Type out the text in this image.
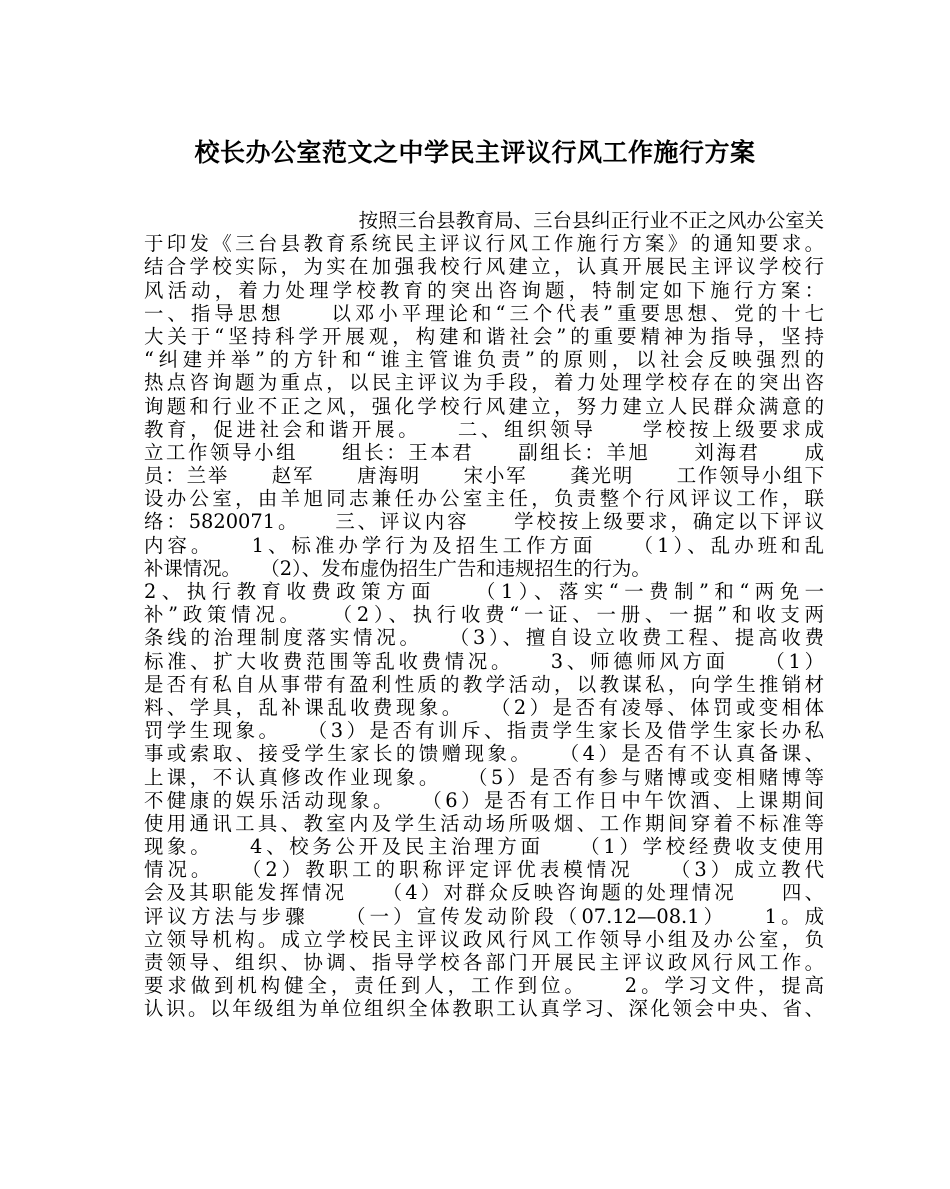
校长办公室范文之中学民主评议行风工作施行方案
按照三台县教育局、三台县纠正行业不正之风办公室关
于印发《三台县教育系统民主评议行风工作施行方案》的通知要求。
结合学校实际，为实在加强我校行风建立，认真开展民主评议学校行
风活动，着力处理学校教育的突出咨询题，特制定如下施行方案：
一、指导思想　　以邓小平理论和“三个代表”重要思想、党的十七
大关于“坚持科学开展观，构建和谐社会”的重要精神为指导，坚持
“纠建并举”的方针和“谁主管谁负责”的原则，以社会反映强烈的
热点咨询题为重点，以民主评议为手段，着力处理学校存在的突出咨
询题和行业不正之风，强化学校行风建立，努力建立人民群众满意的
教育，促进社会和谐开展。　　二、组织领导　　学校按上级要求成
立工作领导小组　　组长：王本君　　副组长：羊旭　　刘海君　　成
员：兰举　　赵军　　唐海明　　宋小军　　龚光明　　工作领导小组下
设办公室，由羊旭同志兼任办公室主任，负责整个行风评议工作，联
络：5820071。　　三、评议内容　　学校按上级要求，确定以下评议
内容。　　1、标准办学行为及招生工作方面　　（1）、乱办班和乱
补课情况。　　（2）、发布虚伪招生广告和违规招生的行为。
2、执行教育收费政策方面　　（1）、落实“一费制”和“两免一
补”政策情况。　　（2）、执行收费“一证、一册、一据”和收支两
条线的治理制度落实情况。　　（3）、擅自设立收费工程、提高收费
标准、扩大收费范围等乱收费情况。　　3、师德师风方面　　（1）
是否有私自从事带有盈利性质的教学活动，以教谋私，向学生推销材
料、学具，乱补课乱收费现象。　　（2）是否有凌辱、体罚或变相体
罚学生现象。　　（3）是否有训斥、指责学生家长及借学生家长办私
事或索取、接受学生家长的馈赠现象。　　（4）是否有不认真备课、
上课，不认真修改作业现象。　　（5）是否有参与赌博或变相赌博等
不健康的娱乐活动现象。　　（6）是否有工作日中午饮酒、上课期间
使用通讯工具、教室内及学生活动场所吸烟、工作期间穿着不标准等
现象。　　4、校务公开及民主治理方面　　（1）学校经费收支使用
情况。　　（2）教职工的职称评定评优表模情况　　（3）成立教代
会及其职能发挥情况　　（4）对群众反映咨询题的处理情况　　四、
评议方法与步骤　　（一）宣传发动阶段（07.12—08.1）　　1。成
立领导机构。成立学校民主评议政风行风工作领导小组及办公室，负
责领导、组织、协调、指导学校各部门开展民主评议政风行风工作。
要求做到机构健全，责任到人，工作到位。　　2。学习文件，提高
认识。以年级组为单位组织全体教职工认真学习、深化领会中央、省、
